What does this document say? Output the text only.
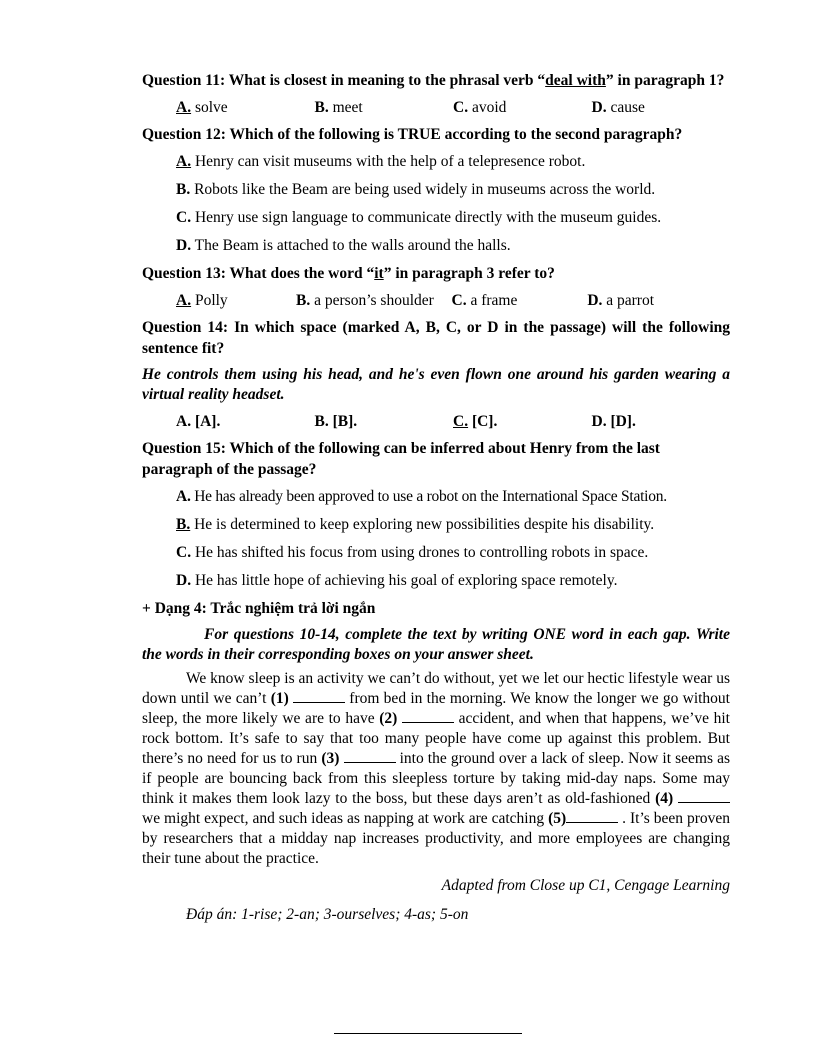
Question 11: What is closest in meaning to the phrasal verb “deal with” in paragraph 1?
A. solve	B. meet	C. avoid	D. cause
Question 12: Which of the following is TRUE according to the second paragraph?
A. Henry can visit museums with the help of a telepresence robot.
B. Robots like the Beam are being used widely in museums across the world.
C. Henry use sign language to communicate directly with the museum guides.
D. The Beam is attached to the walls around the halls.
Question 13: What does the word “it” in paragraph 3 refer to?
A. Polly	B. a person’s shoulder	C. a frame	D. a parrot
Question 14: In which space (marked A, B, C, or D in the passage) will the following sentence fit?
He controls them using his head, and he's even flown one around his garden wearing a virtual reality headset.
A. [A].	B. [B].	C. [C].	D. [D].
Question 15: Which of the following can be inferred about Henry from the last paragraph of the passage?
A. He has already been approved to use a robot on the International Space Station.
B. He is determined to keep exploring new possibilities despite his disability.
C. He has shifted his focus from using drones to controlling robots in space.
D. He has little hope of achieving his goal of exploring space remotely.
+ Dạng 4: Trắc nghiệm trả lời ngắn
For questions 10-14, complete the text by writing ONE word in each gap. Write the words in their corresponding boxes on your answer sheet.
We know sleep is an activity we can’t do without, yet we let our hectic lifestyle wear us down until we can’t (1)	from bed in the morning. We know the longer we go without sleep, the more likely we are to have (2)	accident, and when that happens, we’ve hit rock bottom. It’s safe to say that too many people have come up against this problem. But there’s no need for us to run (3)	into the ground over a lack of sleep. Now it seems as if people are bouncing back from this sleepless torture by taking mid-day naps. Some may think it makes them look lazy to the boss, but these days aren’t as old-fashioned (4)  we might expect, and such ideas as napping at work are catching (5)	. It’s been proven by researchers that a midday nap increases productivity, and more employees are changing their tune about the practice.
Adapted from Close up C1, Cengage Learning
Đáp án: 1-rise; 2-an; 3-ourselves; 4-as; 5-on
